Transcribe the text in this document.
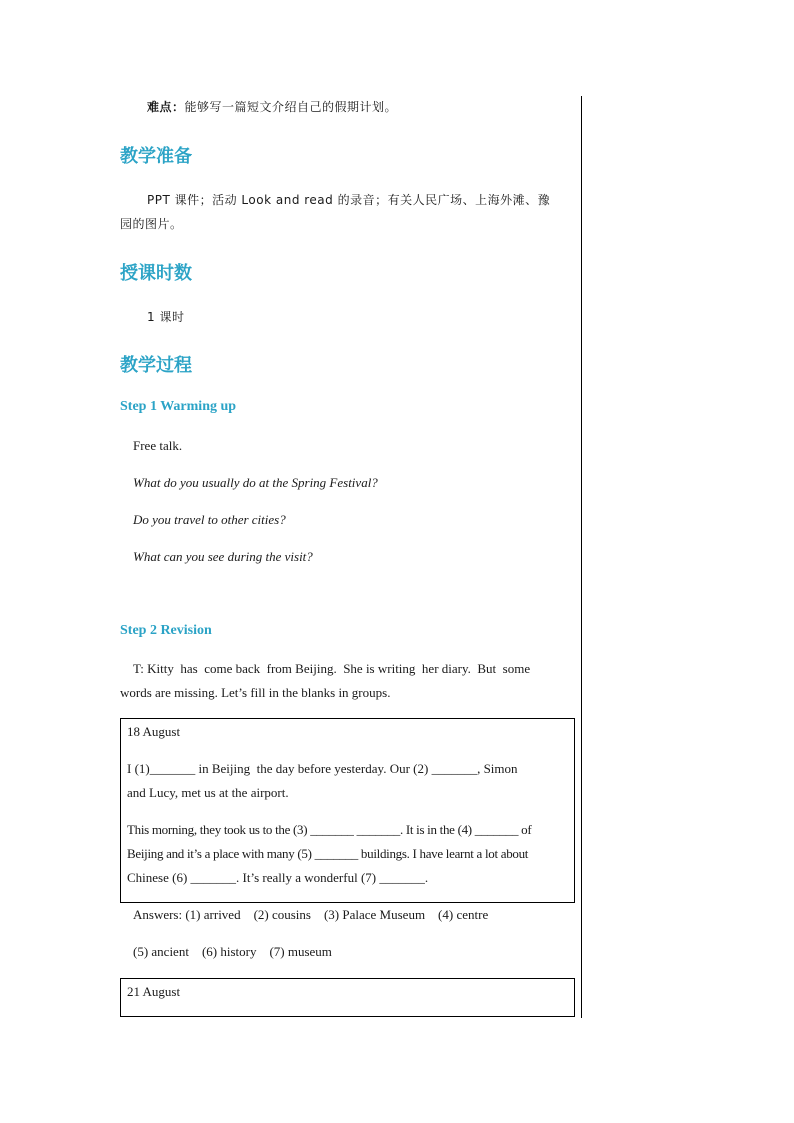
难点：能够写一篇短文介绍自己的假期计划。
教学准备
PPT 课件；活动 Look and read 的录音；有关人民广场、上海外滩、豫
园的图片。
授课时数
1 课时
教学过程
Step 1 Warming up
Free talk.
What do you usually do at the Spring Festival?
Do you travel to other cities?
What can you see during the visit?
Step 2 Revision
T: Kitty  has  come back  from Beijing.  She is writing  her diary.  But  some
words are missing. Let’s fill in the blanks in groups.
18 August
I (1)_______ in Beijing  the day before yesterday. Our (2) _______, Simon
and Lucy, met us at the airport.
This morning, they took us to the (3) _______ _______. It is in the (4) _______ of
Beijing and it’s a place with many (5) _______ buildings. I have learnt a lot about
Chinese (6) _______. It’s really a wonderful (7) _______.
Answers: (1) arrived    (2) cousins    (3) Palace Museum    (4) centre
(5) ancient    (6) history    (7) museum
21 August
